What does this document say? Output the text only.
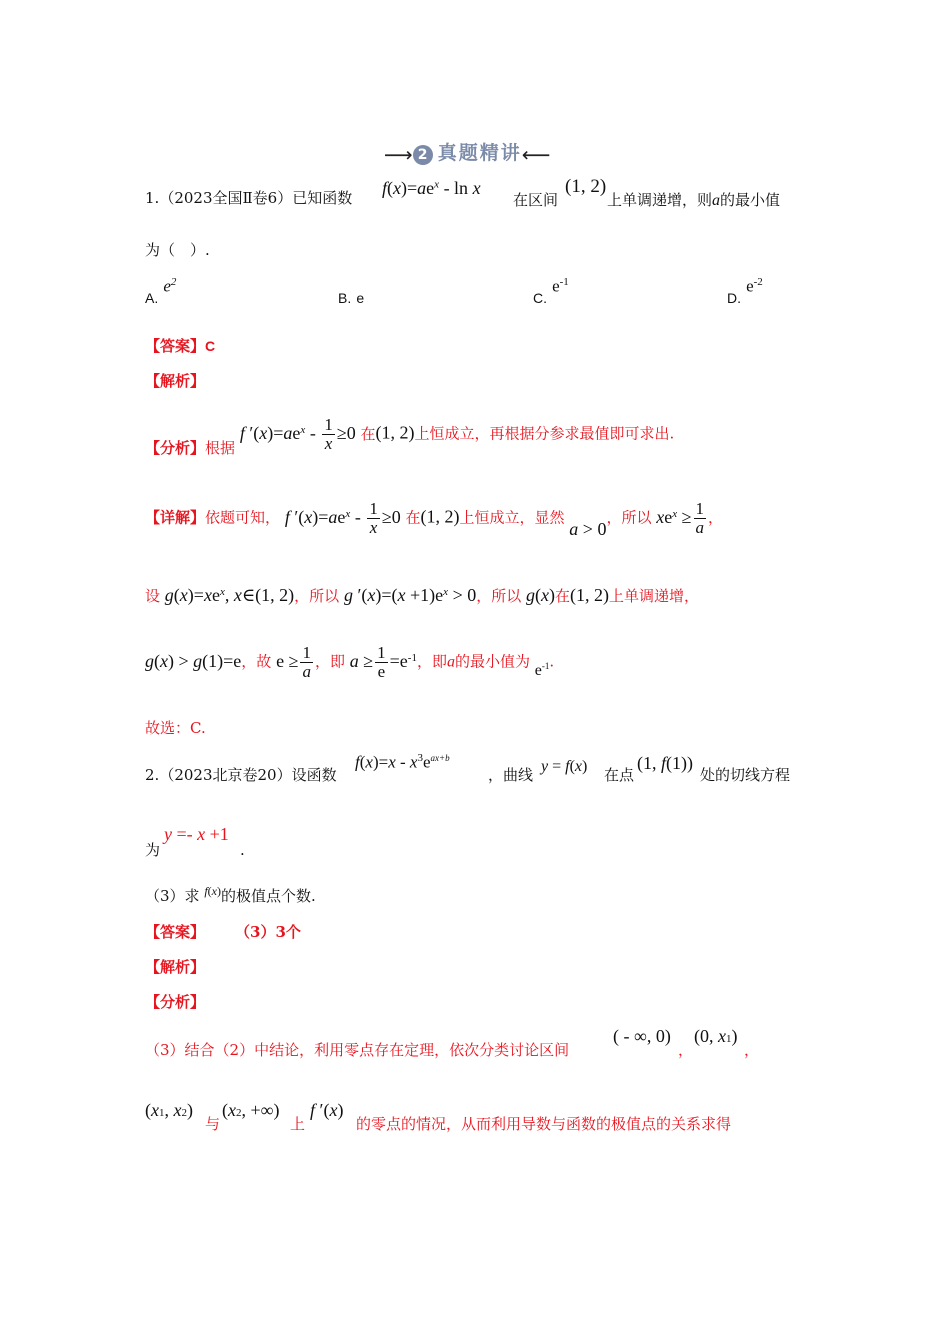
⟶ 2 真题精讲⟵
1.（2023全国Ⅱ卷6）已知函数 $f(x)=ae^x - \ln x$
在区间
(1, 2)
上单调递增，则a的最小值
为（　）.
A. $e^2$
B. e	C. $e^{-1}$
D. $e^{-2}$
【答案】C
【解析】
【分析】根据 f $'(x)=ae^x - \frac{1}{x} \ge 0$ 在(1, 2)上恒成立，再根据分参求最值即可求出.
【详解】依题可知， f $'(x)=ae^x - \frac{1}{x} \ge 0$ 在(1, 2)上恒成立，显然 a > 0，所以 $xe^x \ge \frac{1}{a}$ ，
设 $g(x)=xe^x$, x∈(1, 2)，所以 g $'(x)=(x +1)e^x > 0$，所以 g(x)在(1, 2)上单调递增，
g(x) > g(1)=e，故 $e \ge \frac{1}{a}$ ，即 $a \ge \frac{1}{e} =e^{-1}$，即a的最小值为 $e^{-1}$.
故选：C.
2.（2023北京卷20）设函数
$f(x)=x - x^3e^{ax+b}$
，曲线 y = f(x) 在点
(1, f(1))
处的切线方程
为
y =- x +1
.
（3）求 f(x)的极值点个数.
【答案】 （3）3个
【解析】
【分析】
（3）结合（2）中结论，利用零点存在定理，依次分类讨论区间
( - ∞, 0)
，
(0, x1)
，
(x1, x2)
与
(x2, +∞)
上
f ′(x)
的零点的情况，从而利用导数与函数的极值点的关系求得
